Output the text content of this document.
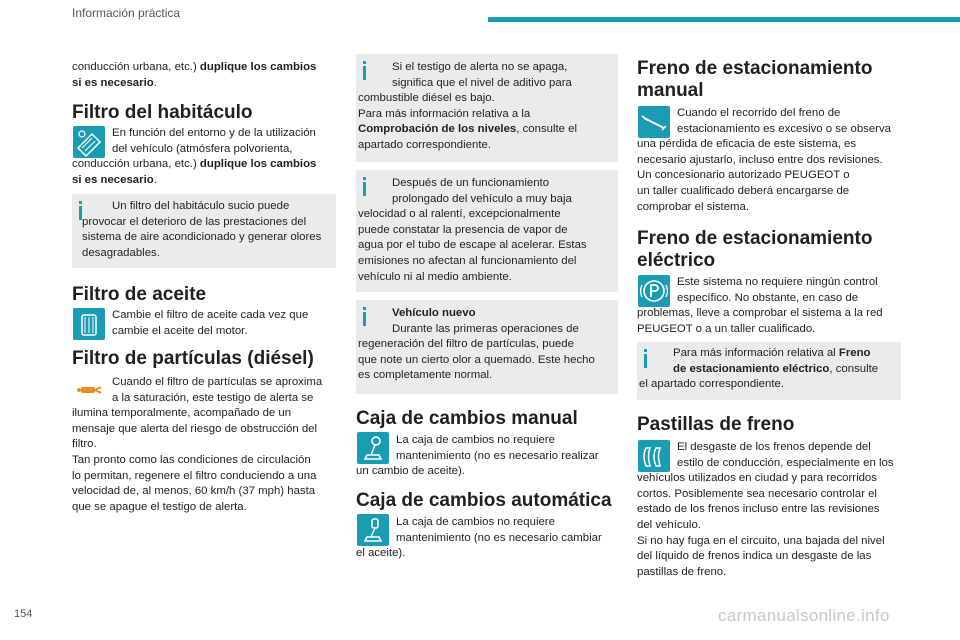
Información práctica
conducción urbana, etc.) duplique los cambios
si es necesario.
Filtro del habitáculo
En función del entorno y de la utilización
del vehículo (atmósfera polvorienta,
conducción urbana, etc.) duplique los cambios
si es necesario.
Un filtro del habitáculo sucio puede provocar el deterioro de las prestaciones del sistema de aire acondicionado y generar olores desagradables.
Filtro de aceite
Cambie el filtro de aceite cada vez que
cambie el aceite del motor.
Filtro de partículas (diésel)
Cuando el filtro de partículas se aproxima
a la saturación, este testigo de alerta se
ilumina temporalmente, acompañado de un
mensaje que alerta del riesgo de obstrucción del
filtro.
Tan pronto como las condiciones de circulación
lo permitan, regenere el filtro conduciendo a una
velocidad de, al menos, 60 km/h (37 mph) hasta
que se apague el testigo de alerta.
Si el testigo de alerta no se apaga,
significa que el nivel de aditivo para
combustible diésel es bajo.
Para más información relativa a la
Comprobación de los niveles, consulte el
apartado correspondiente.
Después de un funcionamiento
prolongado del vehículo a muy baja
velocidad o al ralentí, excepcionalmente
puede constatar la presencia de vapor de
agua por el tubo de escape al acelerar. Estas
emisiones no afectan al funcionamiento del
vehículo ni al medio ambiente.
Vehículo nuevo
Durante las primeras operaciones de
regeneración del filtro de partículas, puede
que note un cierto olor a quemado. Este hecho
es completamente normal.
Caja de cambios manual
La caja de cambios no requiere
mantenimiento (no es necesario realizar
un cambio de aceite).
Caja de cambios automática
La caja de cambios no requiere
mantenimiento (no es necesario cambiar
el aceite).
Freno de estacionamiento
manual
Cuando el recorrido del freno de
estacionamiento es excesivo o se observa
una pérdida de eficacia de este sistema, es
necesario ajustarlo, incluso entre dos revisiones.
Un concesionario autorizado PEUGEOT o
un taller cualificado deberá encargarse de
comprobar el sistema.
Freno de estacionamiento
eléctrico
Este sistema no requiere ningún control
específico. No obstante, en caso de
problemas, lleve a comprobar el sistema a la red
PEUGEOT o a un taller cualificado.
Para más información relativa al Freno
de estacionamiento eléctrico, consulte
el apartado correspondiente.
Pastillas de freno
El desgaste de los frenos depende del
estilo de conducción, especialmente en los
vehículos utilizados en ciudad y para recorridos
cortos. Posiblemente sea necesario controlar el
estado de los frenos incluso entre las revisiones
del vehículo.
Si no hay fuga en el circuito, una bajada del nivel
del líquido de frenos indica un desgaste de las
pastillas de freno.
154	carmanualsonline.info
